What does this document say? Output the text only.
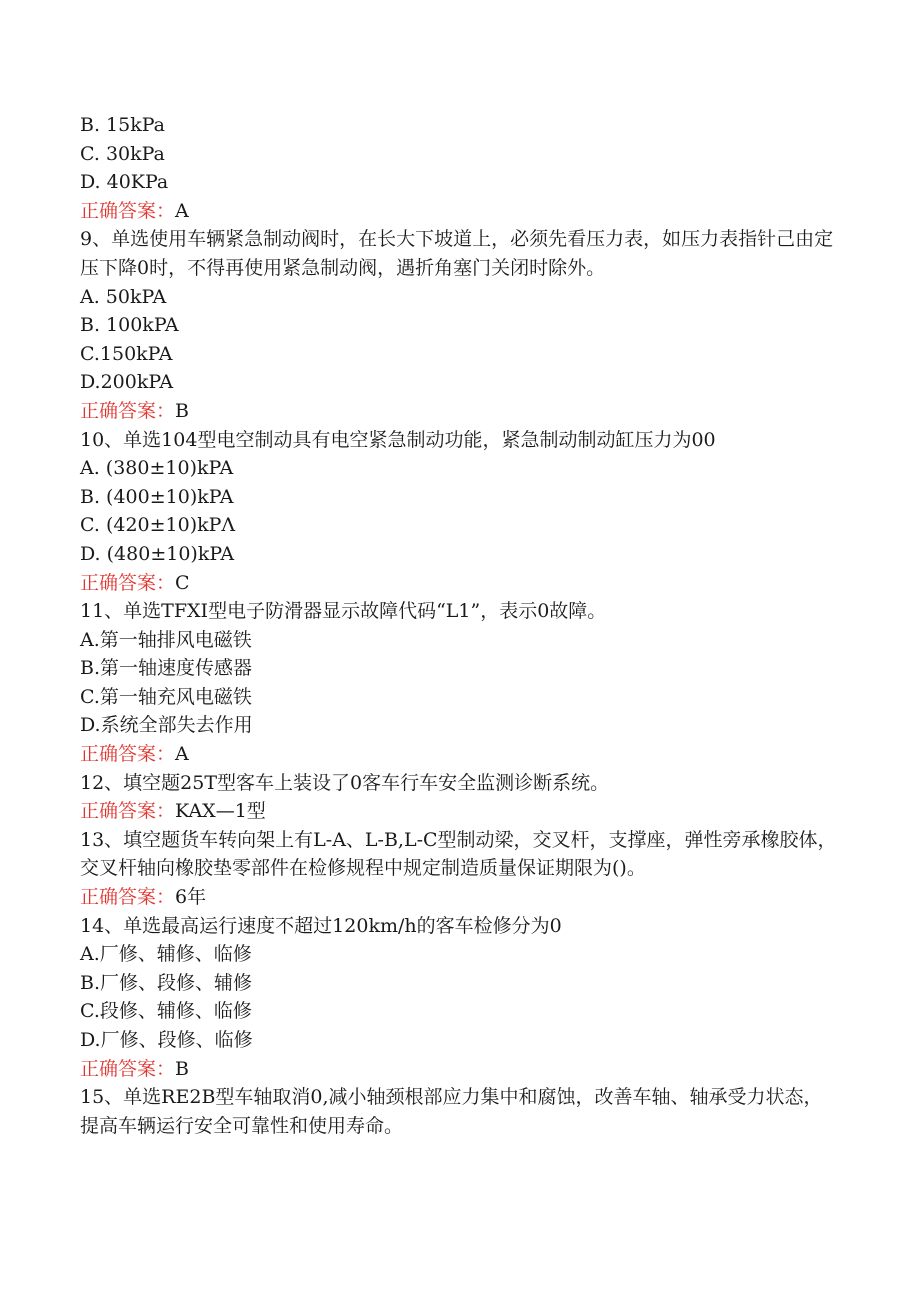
B. 15kPa
C. 30kPa
D. 40KPa
正确答案：A
9、单选使用车辆紧急制动阀时，在长大下坡道上，必须先看压力表，如压力表指针己由定压下降0时，不得再使用紧急制动阀，遇折角塞门关闭时除外。
A. 50kPA
B. 100kPA
C.150kPA
D.200kPA
正确答案：B
10、单选104型电空制动具有电空紧急制动功能，紧急制动制动缸压力为00
A. (380±10)kPA
B. (400±10)kPA
C. (420±10)kPΛ
D. (480±10)kPA
正确答案：C
11、单选TFXI型电子防滑器显示故障代码“L1”，表示0故障。
A.第一轴排风电磁铁
B.第一轴速度传感器
C.第一轴充风电磁铁
D.系统全部失去作用
正确答案：A
12、填空题25T型客车上装设了0客车行车安全监测诊断系统。
正确答案：KAX—1型
13、填空题货车转向架上有L-A、L-B,L-C型制动梁，交叉杆，支撑座，弹性旁承橡胶体，交叉杆轴向橡胶垫零部件在检修规程中规定制造质量保证期限为()。
正确答案：6年
14、单选最高运行速度不超过120km/h的客车检修分为0
A.厂修、辅修、临修
B.厂修、段修、辅修
C.段修、辅修、临修
D.厂修、段修、临修
正确答案：B
15、单选RE2B型车轴取消0,减小轴颈根部应力集中和腐蚀，改善车轴、轴承受力状态，提高车辆运行安全可靠性和使用寿命。
